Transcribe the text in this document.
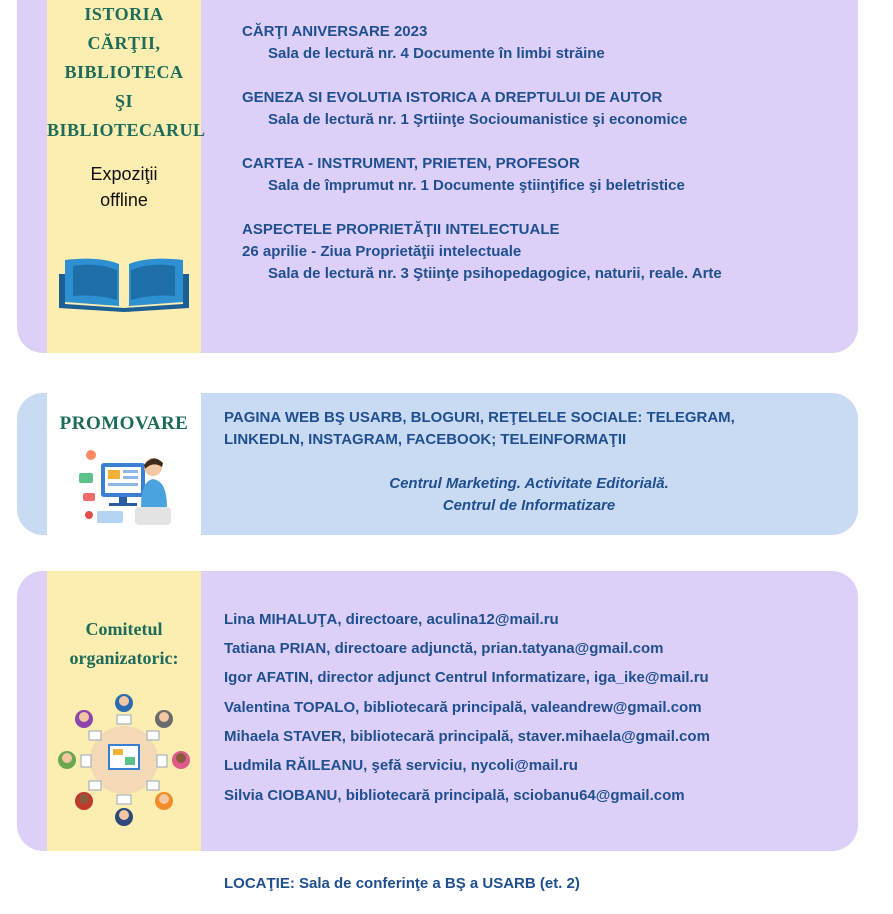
ISTORIA
CĂRŢII,
BIBLIOTECA
ŞI
BIBLIOTECARUL
Expoziţii
offline
CĂRŢI ANIVERSARE 2023
Sala de lectură nr. 4 Documente în limbi străine
GENEZA SI EVOLUTIA ISTORICA A DREPTULUI DE AUTOR
Sala de lectură nr. 1 Şrtiinţe Socioumanistice şi economice
CARTEA - INSTRUMENT, PRIETEN, PROFESOR
Sala de împrumut nr. 1 Documente ştiinţifice şi beletristice
ASPECTELE PROPRIETĂŢII INTELECTUALE
26 aprilie - Ziua Proprietăţii intelectuale
Sala de lectură nr. 3 Ştiinţe psihopedagogice, naturii, reale. Arte
PROMOVARE	PAGINA WEB BŞ USARB, BLOGURI, REŢELELE SOCIALE: TELEGRAM,
LINKEDLN, INSTAGRAM, FACEBOOK; TELEINFORMAŢII
Centrul Marketing. Activitate Editorială.
Centrul de Informatizare
Comitetul
organizatoric:
Lina MIHALUŢA, directoare, aculina12@mail.ru
Tatiana PRIAN, directoare adjunctă, prian.tatyana@gmail.com
Igor AFATIN, director adjunct Centrul Informatizare, iga_ike@mail.ru
Valentina TOPALO, bibliotecară principală, valeandrew@gmail.com
Mihaela STAVER, bibliotecară principală, staver.mihaela@gmail.com
Ludmila RĂILEANU, şefă serviciu, nycoli@mail.ru
Silvia CIOBANU, bibliotecară principală, sciobanu64@gmail.com
LOCAŢIE: Sala de conferinţe a BŞ a USARB (et. 2)
